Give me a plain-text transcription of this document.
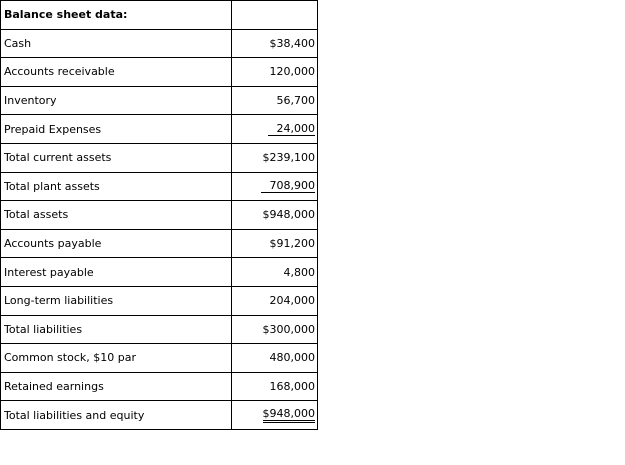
Balance sheet data:	
Cash	$38,400
Accounts receivable	120,000
Inventory	56,700
Prepaid Expenses	24,000
Total current assets	$239,100
Total plant assets	708,900
Total assets	$948,000
Accounts payable	$91,200
Interest payable	4,800
Long-term liabilities	204,000
Total liabilities	$300,000
Common stock, $10 par	480,000
Retained earnings	168,000
Total liabilities and equity	$948,000
